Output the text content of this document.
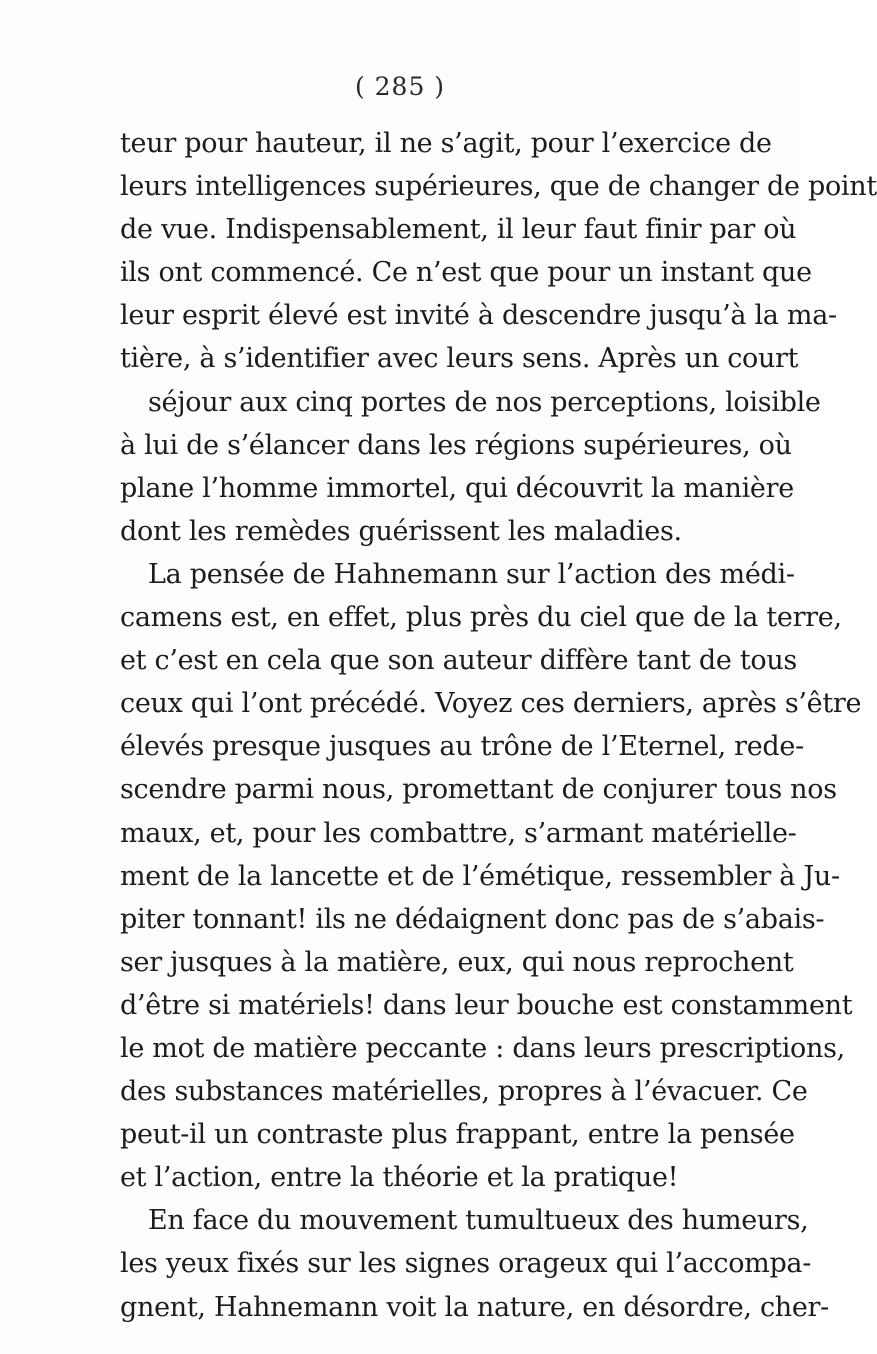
( 285 )
teur pour hauteur, il ne s’agit, pour l’exercice de
leurs intelligences supérieures, que de changer de point
de vue. Indispensablement, il leur faut finir par où
ils ont commencé. Ce n’est que pour un instant que
leur esprit élevé est invité à descendre jusqu’à la ma-
tière, à s’identifier avec leurs sens. Après un court
séjour aux cinq portes de nos perceptions, loisible
à lui de s’élancer dans les régions supérieures, où
plane l’homme immortel, qui découvrit la manière
dont les remèdes guérissent les maladies.
La pensée de Hahnemann sur l’action des médi-
camens est, en effet, plus près du ciel que de la terre,
et c’est en cela que son auteur diffère tant de tous
ceux qui l’ont précédé. Voyez ces derniers, après s’être
élevés presque jusques au trône de l’Eternel, rede-
scendre parmi nous, promettant de conjurer tous nos
maux, et, pour les combattre, s’armant matérielle-
ment de la lancette et de l’émétique, ressembler à Ju-
piter tonnant! ils ne dédaignent donc pas de s’abais-
ser jusques à la matière, eux, qui nous reprochent
d’être si matériels! dans leur bouche est constamment
le mot de matière peccante : dans leurs prescriptions,
des substances matérielles, propres à l’évacuer. Ce
peut-il un contraste plus frappant, entre la pensée
et l’action, entre la théorie et la pratique!
En face du mouvement tumultueux des humeurs,
les yeux fixés sur les signes orageux qui l’accompa-
gnent, Hahnemann voit la nature, en désordre, cher-
